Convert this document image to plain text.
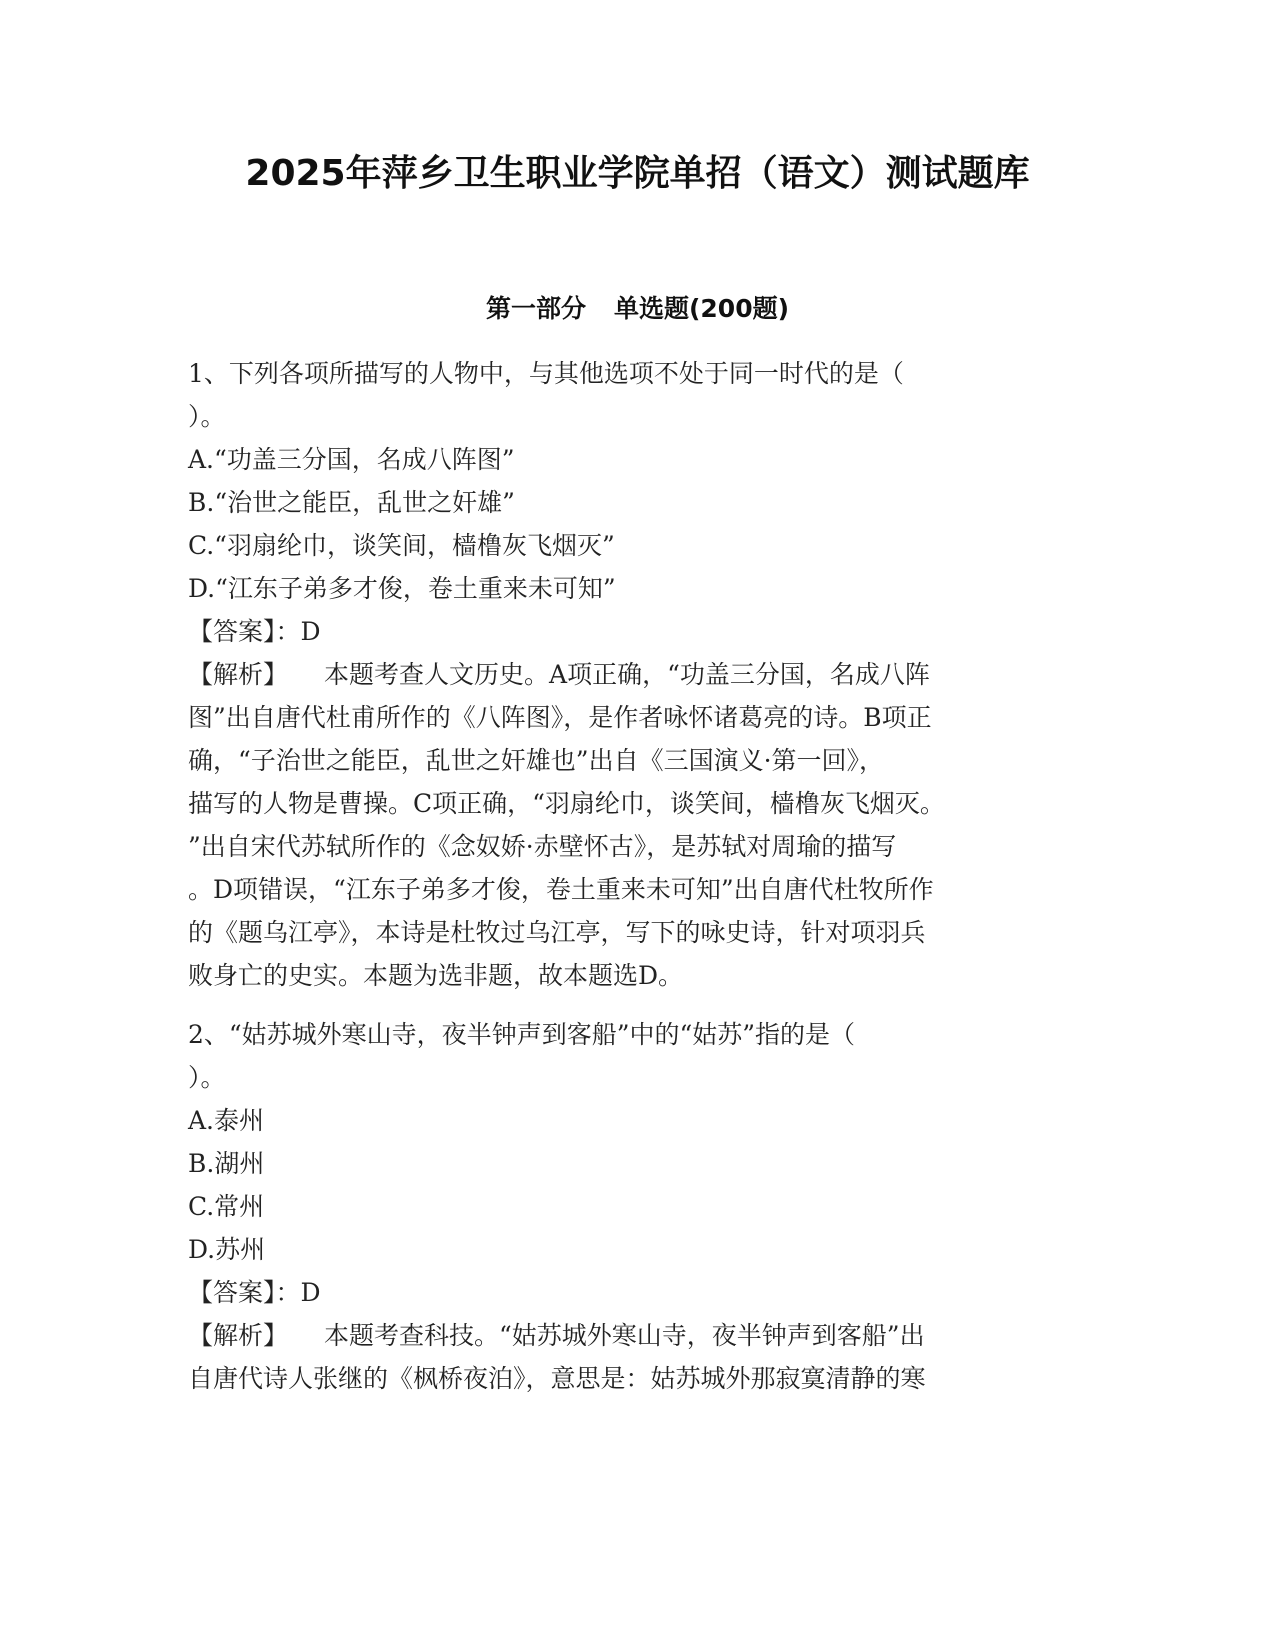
2025年萍乡卫生职业学院单招（语文）测试题库
第一部分 单选题(200题)
1、下列各项所描写的人物中，与其他选项不处于同一时代的是（
）。
A.“功盖三分国，名成八阵图”
B.“治世之能臣，乱世之奸雄”
C.“羽扇纶巾，谈笑间，樯橹灰飞烟灭”
D.“江东子弟多才俊，卷土重来未可知”
【答案】：D
【解析】 本题考查人文历史。A项正确，“功盖三分国，名成八阵
图”出自唐代杜甫所作的《八阵图》，是作者咏怀诸葛亮的诗。B项正
确，“子治世之能臣，乱世之奸雄也”出自《三国演义·第一回》，
描写的人物是曹操。C项正确，“羽扇纶巾，谈笑间，樯橹灰飞烟灭。
”出自宋代苏轼所作的《念奴娇·赤壁怀古》，是苏轼对周瑜的描写
。D项错误，“江东子弟多才俊，卷土重来未可知”出自唐代杜牧所作
的《题乌江亭》，本诗是杜牧过乌江亭，写下的咏史诗，针对项羽兵
败身亡的史实。本题为选非题，故本题选D。
2、“姑苏城外寒山寺，夜半钟声到客船”中的“姑苏”指的是（
）。
A.泰州
B.湖州
C.常州
D.苏州
【答案】：D
【解析】 本题考查科技。“姑苏城外寒山寺，夜半钟声到客船”出
自唐代诗人张继的《枫桥夜泊》，意思是：姑苏城外那寂寞清静的寒
